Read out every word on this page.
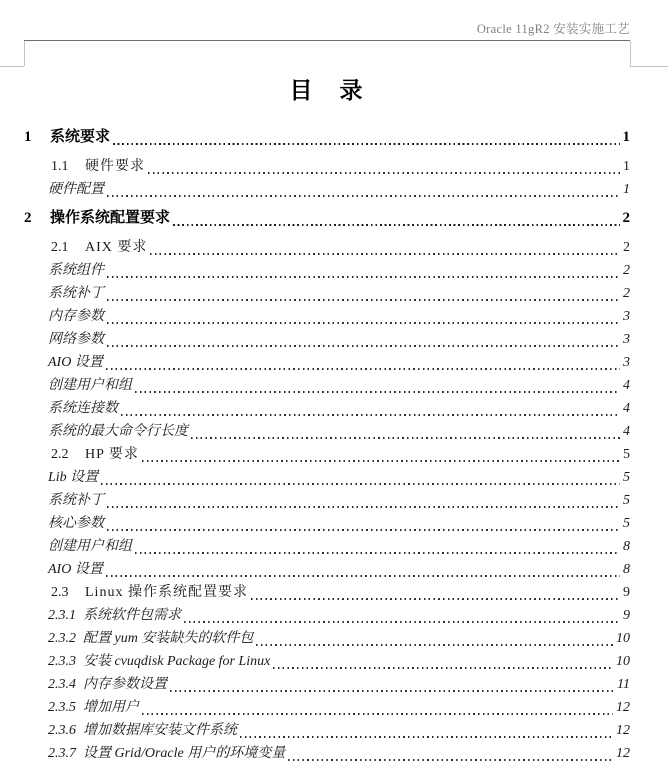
Oracle 11gR2 安装实施工艺
目　录
1	系统要求	1
1.1	硬件要求	1
硬件配置	1
2	操作系统配置要求	2
2.1	AIX 要求	2
系统组件	2
系统补丁	2
内存参数	3
网络参数	3
AIO 设置	3
创建用户和组	4
系统连接数	4
系统的最大命令行长度	4
2.2	HP 要求	5
Lib 设置	5
系统补丁	5
核心参数	5
创建用户和组	8
AIO 设置	8
2.3	Linux 操作系统配置要求	9
2.3.1 系统软件包需求	9
2.3.2 配置 yum 安装缺失的软件包	10
2.3.3 安装 cvuqdisk Package for Linux	10
2.3.4 内存参数设置	11
2.3.5 增加用户	12
2.3.6 增加数据库安装文件系统	12
2.3.7 设置 Grid/Oracle 用户的环境变量	12
